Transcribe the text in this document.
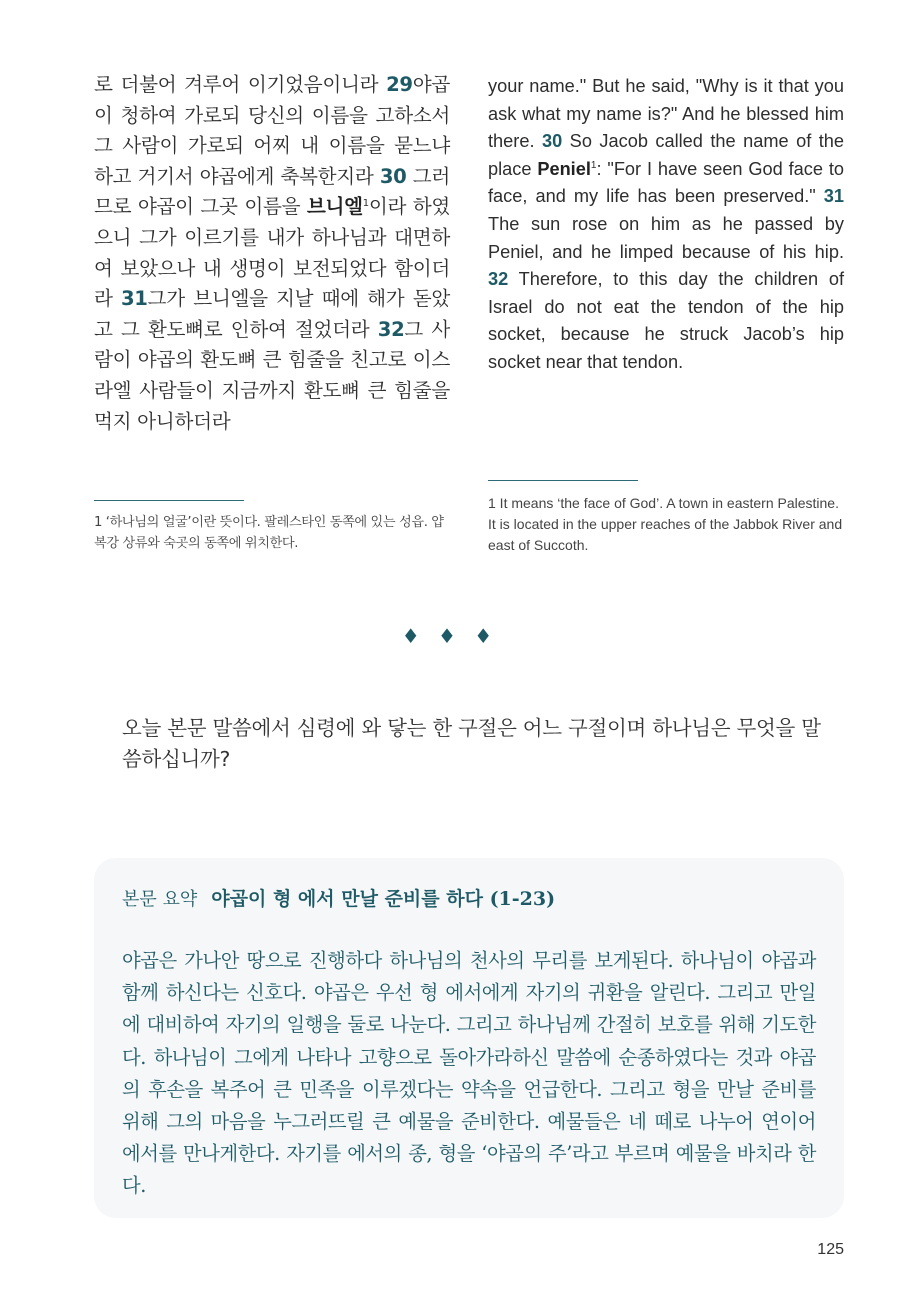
로 더불어 겨루어 이기었음이니라 29야곱이 청하여 가로되 당신의 이름을 고하소서 그 사람이 가로되 어찌 내 이름을 묻느냐 하고 거기서 야곱에게 축복한지라 30 그러므로 야곱이 그곳 이름을 브니엘$^1$이라 하였으니 그가 이르기를 내가 하나님과 대면하여 보았으나 내 생명이 보전되었다 함이더라 31그가 브니엘을 지날 때에 해가 돋았고 그 환도뼈로 인하여 절었더라 32그 사람이 야곱의 환도뼈 큰 힘줄을 친고로 이스라엘 사람들이 지금까지 환도뼈 큰 힘줄을 먹지 아니하더라
your name." But he said, "Why is it that you ask what my name is?" And he blessed him there. 30 So Jacob called the name of the place Peniel$^1$: "For I have seen God face to face, and my life has been preserved." 31 The sun rose on him as he passed by Peniel, and he limped because of his hip. 32 Therefore, to this day the children of Israel do not eat the tendon of the hip socket, because he struck Jacob’s hip socket near that tendon.
1 ‘하나님의 얼굴’이란 뜻이다. 팔레스타인 동쪽에 있는 성읍. 얍복강 상류와 숙곳의 동쪽에 위치한다.
1 It means ‘the face of God’. A town in eastern Palestine. It is located in the upper reaches of the Jabbok River and east of Succoth.
♦ ♦ ♦
오늘 본문 말씀에서 심령에 와 닿는 한 구절은 어느 구절이며 하나님은 무엇을 말씀하십니까?
본문 요약 야곱이 형 에서 만날 준비를 하다 (1-23)
야곱은 가나안 땅으로 진행하다 하나님의 천사의 무리를 보게된다. 하나님이 야곱과 함께 하신다는 신호다. 야곱은 우선 형 에서에게 자기의 귀환을 알린다. 그리고 만일에 대비하여 자기의 일행을 둘로 나눈다. 그리고 하나님께 간절히 보호를 위해 기도한다. 하나님이 그에게 나타나 고향으로 돌아가라하신 말씀에 순종하였다는 것과 야곱의 후손을 복주어 큰 민족을 이루겠다는 약속을 언급한다. 그리고 형을 만날 준비를 위해 그의 마음을 누그러뜨릴 큰 예물을 준비한다. 예물들은 네 떼로 나누어 연이어 에서를 만나게한다. 자기를 에서의 종, 형을 ‘야곱의 주’라고 부르며 예물을 바치라 한다.
125
